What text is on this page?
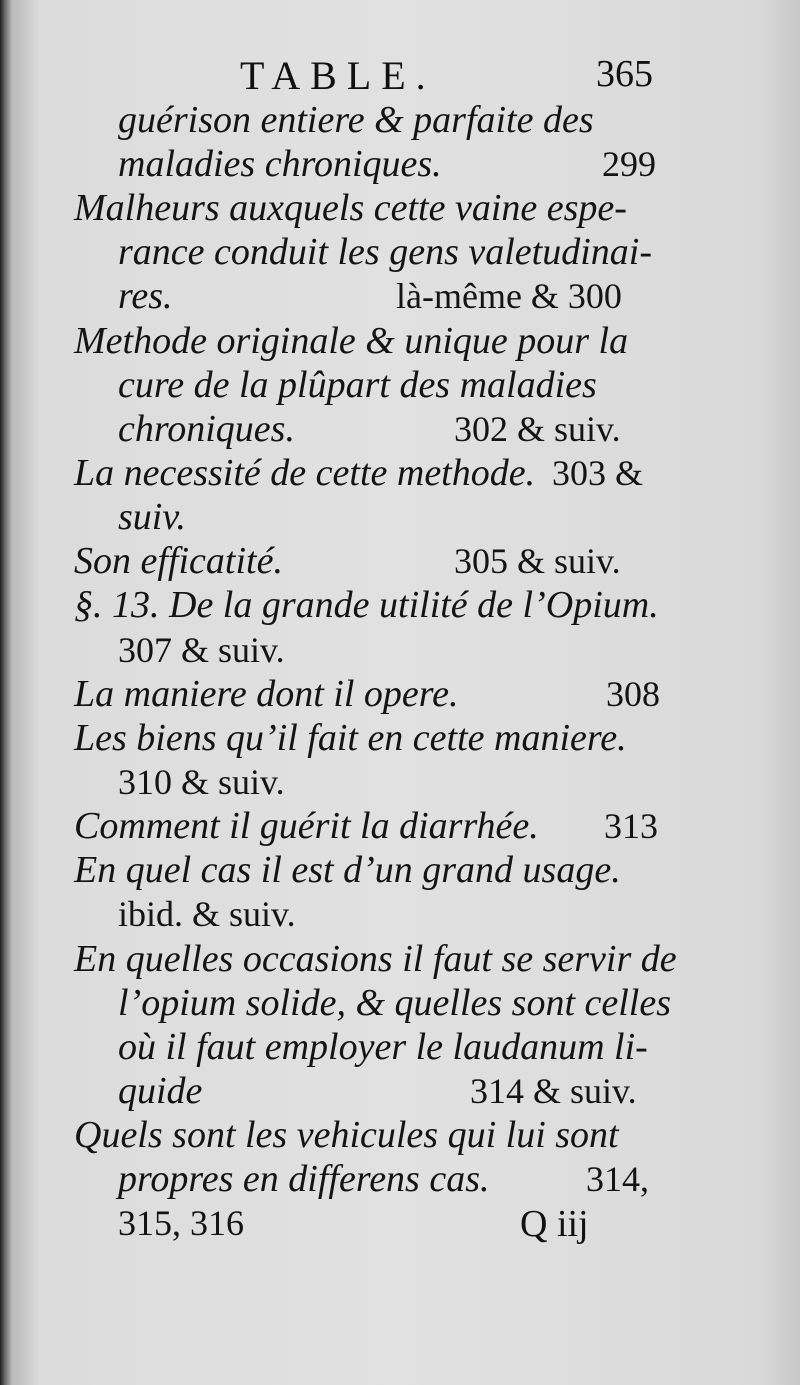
TABLE.	365
guérison entiere & parfaite des
maladies chroniques.	299
Malheurs auxquels cette vaine espe-
rance conduit les gens valetudinai-
res.	là-même & 300
Methode originale & unique pour la
cure de la plûpart des maladies
chroniques.	302 & suiv.
La necessité de cette methode. 303 &
suiv.
Son efficatité.	305 & suiv.
§. 13. De la grande utilité de l’Opium.
307 & suiv.
La maniere dont il opere.	308
Les biens qu’il fait en cette maniere.
310 & suiv.
Comment il guérit la diarrhée. 313
En quel cas il est d’un grand usage.
ibid. & suiv.
En quelles occasions il faut se servir de
l’opium solide, & quelles sont celles
où il faut employer le laudanum li-
quide	314 & suiv.
Quels sont les vehicules qui lui sont
propres en differens cas.	314,
315, 316	Q iij
